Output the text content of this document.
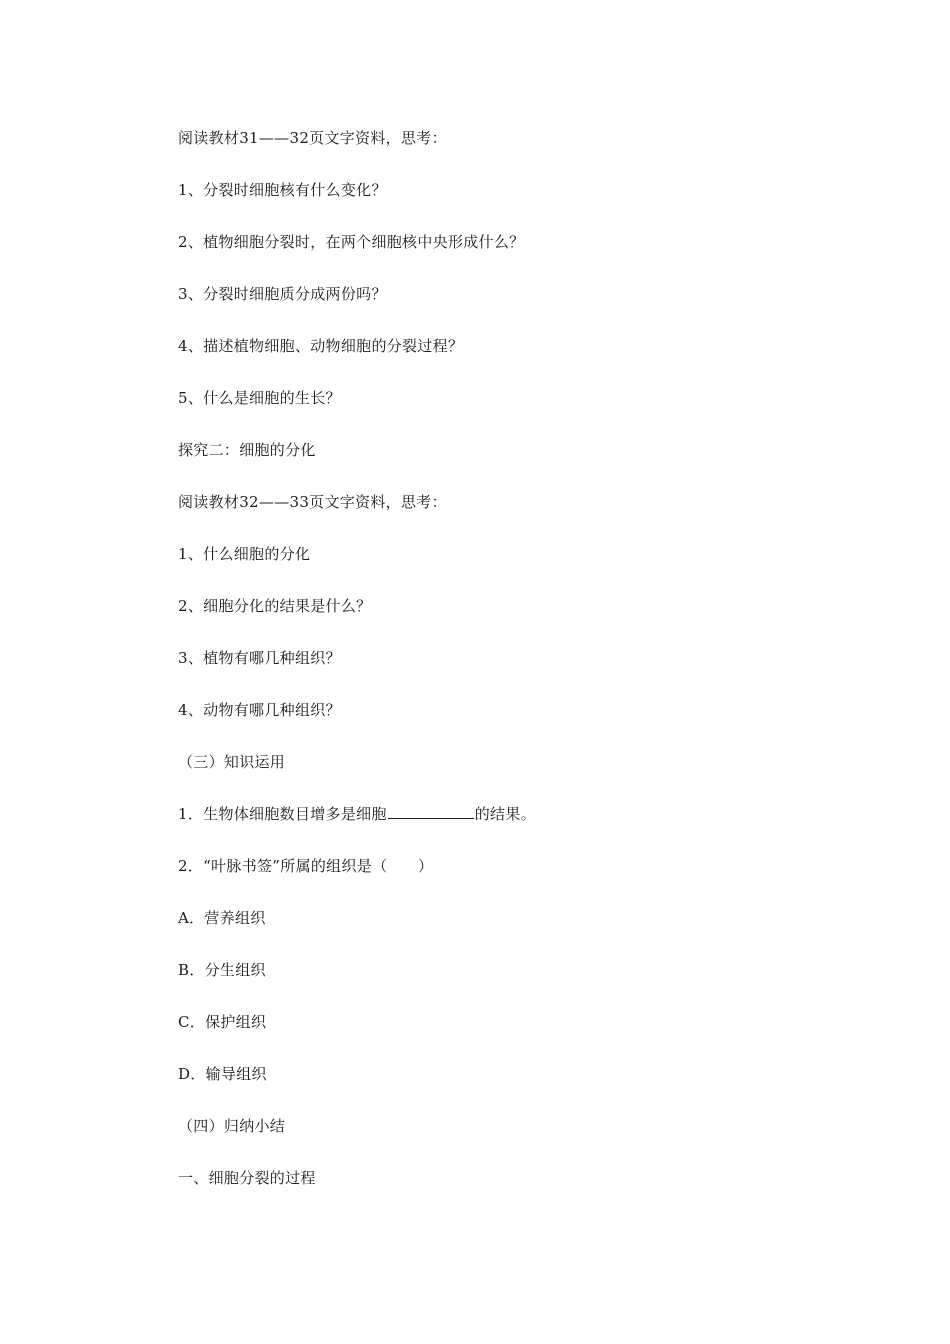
阅读教材31——32页文字资料，思考：
1、分裂时细胞核有什么变化？
2、植物细胞分裂时，在两个细胞核中央形成什么？
3、分裂时细胞质分成两份吗？
4、描述植物细胞、动物细胞的分裂过程？
5、什么是细胞的生长？
探究二：细胞的分化
阅读教材32——33页文字资料，思考：
1、什么细胞的分化
2、细胞分化的结果是什么？
3、植物有哪几种组织？
4、动物有哪几种组织？
（三）知识运用
1．生物体细胞数目增多是细胞	的结果。
2．“叶脉书签”所属的组织是（　　）
A．营养组织
B．分生组织
C．保护组织
D．输导组织
（四）归纳小结
一、细胞分裂的过程
